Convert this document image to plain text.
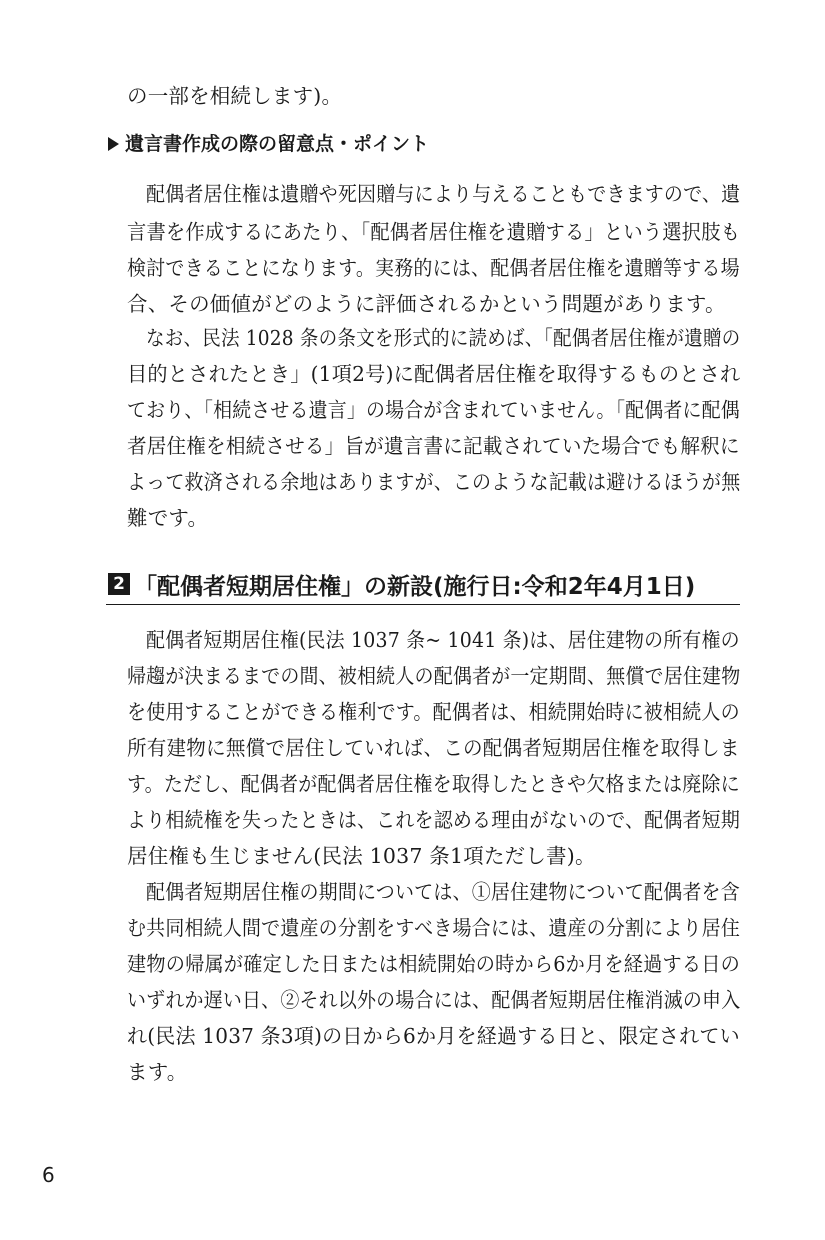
の一部を相続します)。
遺言書作成の際の留意点・ポイント
配偶者居住権は遺贈や死因贈与により与えることもできますので、遺
言書を作成するにあたり、「配偶者居住権を遺贈する」という選択肢も
検討できることになります。実務的には、配偶者居住権を遺贈等する場
合、その価値がどのように評価されるかという問題があります。
なお、民法 1028 条の条文を形式的に読めば、「配偶者居住権が遺贈の
目的とされたとき」(1項2号)に配偶者居住権を取得するものとされ
ており、「相続させる遺言」の場合が含まれていません。「配偶者に配偶
者居住権を相続させる」旨が遺言書に記載されていた場合でも解釈に
よって救済される余地はありますが、このような記載は避けるほうが無
難です。
2 「配偶者短期居住権」の新設(施行日:令和2年4月1日)
配偶者短期居住権(民法 1037 条~ 1041 条)は、居住建物の所有権の
帰趨が決まるまでの間、被相続人の配偶者が一定期間、無償で居住建物
を使用することができる権利です。配偶者は、相続開始時に被相続人の
所有建物に無償で居住していれば、この配偶者短期居住権を取得しま
す。ただし、配偶者が配偶者居住権を取得したときや欠格または廃除に
より相続権を失ったときは、これを認める理由がないので、配偶者短期
居住権も生じません(民法 1037 条1項ただし書)。
配偶者短期居住権の期間については、①居住建物について配偶者を含
む共同相続人間で遺産の分割をすべき場合には、遺産の分割により居住
建物の帰属が確定した日または相続開始の時から6か月を経過する日の
いずれか遅い日、②それ以外の場合には、配偶者短期居住権消滅の申入
れ(民法 1037 条3項)の日から6か月を経過する日と、限定されてい
ます。
6
